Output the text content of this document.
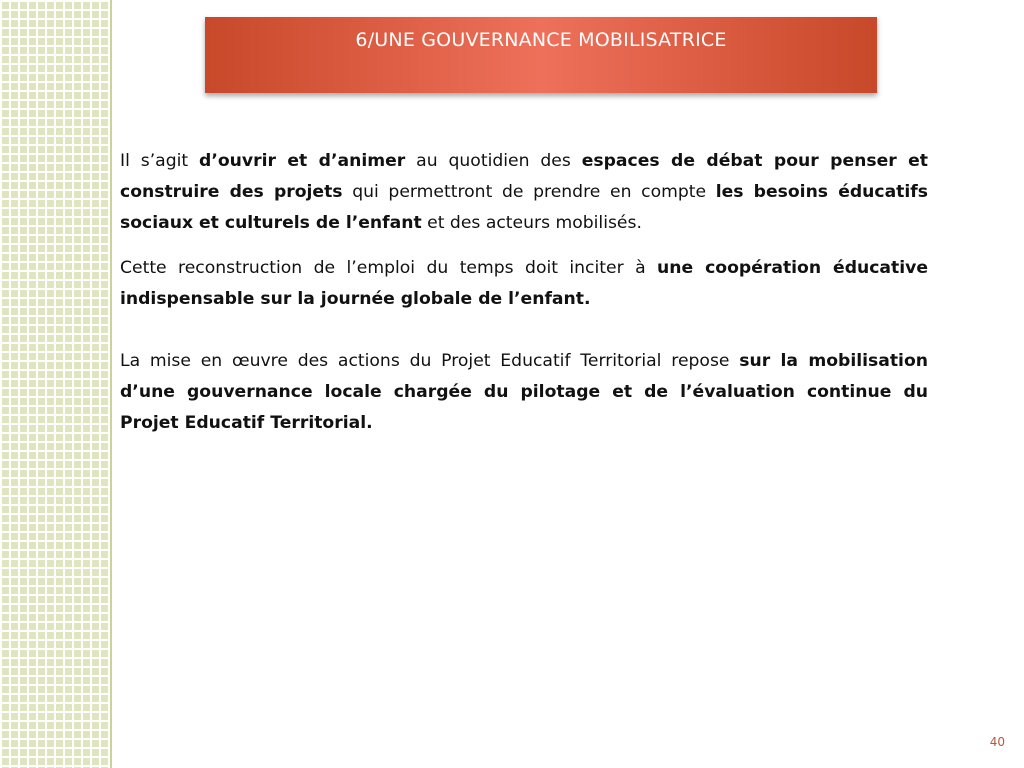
6/UNE GOUVERNANCE MOBILISATRICE

Il s’agit d’ouvrir et d’animer au quotidien des espaces de débat pour penser et construire des projets qui permettront de prendre en compte les besoins éducatifs sociaux et culturels de l’enfant et des acteurs mobilisés.

Cette reconstruction de l’emploi du temps doit inciter à une coopération éducative indispensable sur la journée globale de l’enfant.

La mise en œuvre des actions du Projet Educatif Territorial repose sur la mobilisation d’une gouvernance locale chargée du pilotage et de l’évaluation continue du Projet Educatif Territorial.

40
